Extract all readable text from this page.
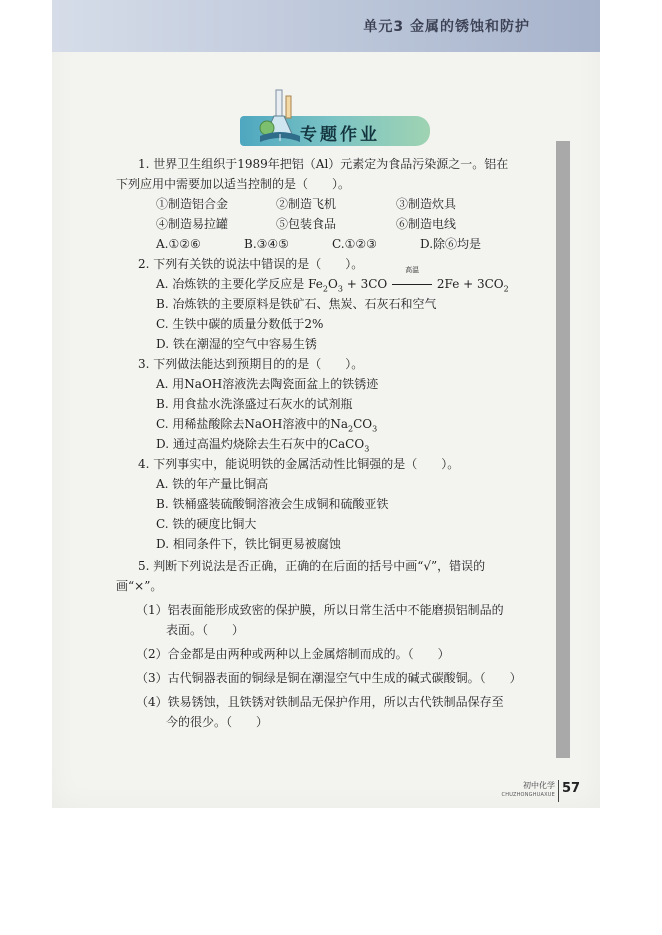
单元3 金属的锈蚀和防护
专题作业
1. 世界卫生组织于1989年把铝（Al）元素定为食品污染源之一。铝在
下列应用中需要加以适当控制的是（　　）。
①制造铝合金	②制造飞机	③制造炊具
④制造易拉罐	⑤包装食品	⑥制造电线
A.①②⑥	B.③④⑤	C.①②③	D.除⑥均是
2. 下列有关铁的说法中错误的是（　　）。
A. 冶炼铁的主要化学反应是 $Fe_2O_3 + 3CO$
高温
$2Fe + 3CO_2$
B. 冶炼铁的主要原料是铁矿石、焦炭、石灰石和空气
C. 生铁中碳的质量分数低于2%
D. 铁在潮湿的空气中容易生锈
3. 下列做法能达到预期目的的是（　　）。
A. 用NaOH溶液洗去陶瓷面盆上的铁锈迹
B. 用食盐水洗涤盛过石灰水的试剂瓶
C. 用稀盐酸除去NaOH溶液中的$Na_2CO_3$
D. 通过高温灼烧除去生石灰中的CaCO$_3$
4. 下列事实中，能说明铁的金属活动性比铜强的是（　　）。
A. 铁的年产量比铜高
B. 铁桶盛装硫酸铜溶液会生成铜和硫酸亚铁
C. 铁的硬度比铜大
D. 相同条件下，铁比铜更易被腐蚀
5. 判断下列说法是否正确，正确的在后面的括号中画“√”，错误的
画“×”。
（1）铝表面能形成致密的保护膜，所以日常生活中不能磨损铝制品的
表面。（　　）
（2）合金都是由两种或两种以上金属熔制而成的。（　　）
（3）古代铜器表面的铜绿是铜在潮湿空气中生成的碱式碳酸铜。（　　）
（4）铁易锈蚀，且铁锈对铁制品无保护作用，所以古代铁制品保存至
今的很少。（　　）
初中化学
CHUZHONGHUAXUE 57
